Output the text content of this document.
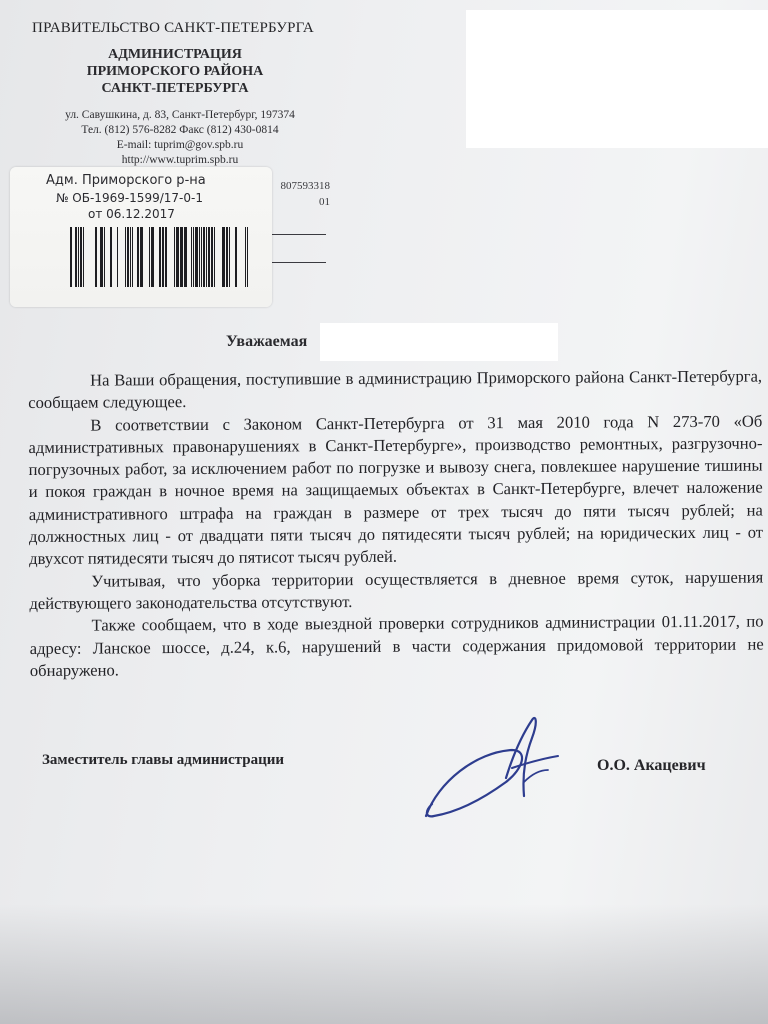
ПРАВИТЕЛЬСТВО САНКТ-ПЕТЕРБУРГА
АДМИНИСТРАЦИЯ
ПРИМОРСКОГО РАЙОНА
САНКТ-ПЕТЕРБУРГА
ул. Савушкина, д. 83, Санкт-Петербург, 197374
Тел. (812) 576-8282 Факс (812) 430-0814
E-mail: tuprim@gov.spb.ru
http://www.tuprim.spb.ru
807593318
01
Адм. Приморского р-на
№ ОБ-1969-1599/17-0-1
от 06.12.2017
Уважаемая

На Ваши обращения, поступившие в администрацию Приморского района Санкт-Петербурга, сообщаем следующее.

В соответствии с Законом Санкт-Петербурга от 31 мая 2010 года N 273-70 «Об административных правонарушениях в Санкт-Петербурге», производство ремонтных, разгрузочно-погрузочных работ, за исключением работ по погрузке и вывозу снега, повлекшее нарушение тишины и покоя граждан в ночное время на защищаемых объектах в Санкт-Петербурге, влечет наложение административного штрафа на граждан в размере от трех тысяч до пяти тысяч рублей; на должностных лиц - от двадцати пяти тысяч до пятидесяти тысяч рублей; на юридических лиц - от двухсот пятидесяти тысяч до пятисот тысяч рублей.

Учитывая, что уборка территории осуществляется в дневное время суток, нарушения действующего законодательства отсутствуют.

Также сообщаем, что в ходе выездной проверки сотрудников администрации 01.11.2017, по адресу: Ланское шоссе, д.24, к.6, нарушений в части содержания придомовой территории не обнаружено.

Заместитель главы администрации	О.О. Акацевич
